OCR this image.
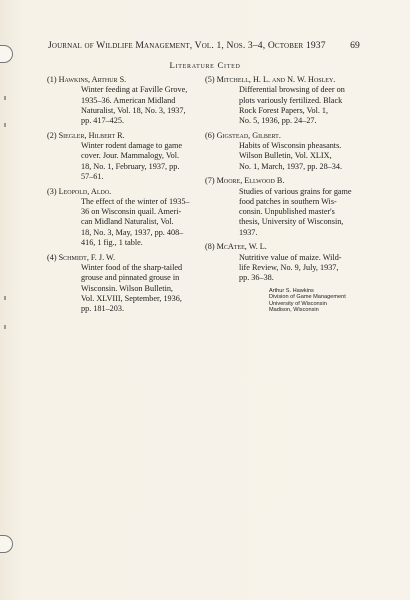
Journal of Wildlife Management, Vol. 1, Nos. 3–4, October 1937	69
Literature Cited
(1) Hawkins, Arthur S.
Winter feeding at Faville Grove,
1935–36. American Midland
Naturalist, Vol. 18, No. 3, 1937,
pp. 417–425.
(2) Siegler, Hilbert R.
Winter rodent damage to game
cover. Jour. Mammalogy, Vol.
18, No. 1, February, 1937, pp.
57–61.
(3) Leopold, Aldo.
The effect of the winter of 1935–
36 on Wisconsin quail. Ameri-
can Midland Naturalist, Vol.
18, No. 3, May, 1937, pp. 408–
416, 1 fig., 1 table.
(4) Schmidt, F. J. W.
Winter food of the sharp-tailed
grouse and pinnated grouse in
Wisconsin. Wilson Bulletin,
Vol. XLVIII, September, 1936,
pp. 181–203.
(5) Mitchell, H. L. and N. W. Hosley.
Differential browsing of deer on
plots variously fertilized. Black
Rock Forest Papers, Vol. 1,
No. 5, 1936, pp. 24–27.
(6) Gigstead, Gilbert.
Habits of Wisconsin pheasants.
Wilson Bulletin, Vol. XLIX,
No. 1, March, 1937, pp. 28–34.
(7) Moore, Ellwood B.
Studies of various grains for game
food patches in southern Wis-
consin. Unpublished master's
thesis, University of Wisconsin,
1937.
(8) McAtee, W. L.
Nutritive value of maize. Wild-
life Review, No. 9, July, 1937,
pp. 36–38.
Arthur S. Hawkins
Division of Game Management
University of Wisconsin
Madison, Wisconsin
